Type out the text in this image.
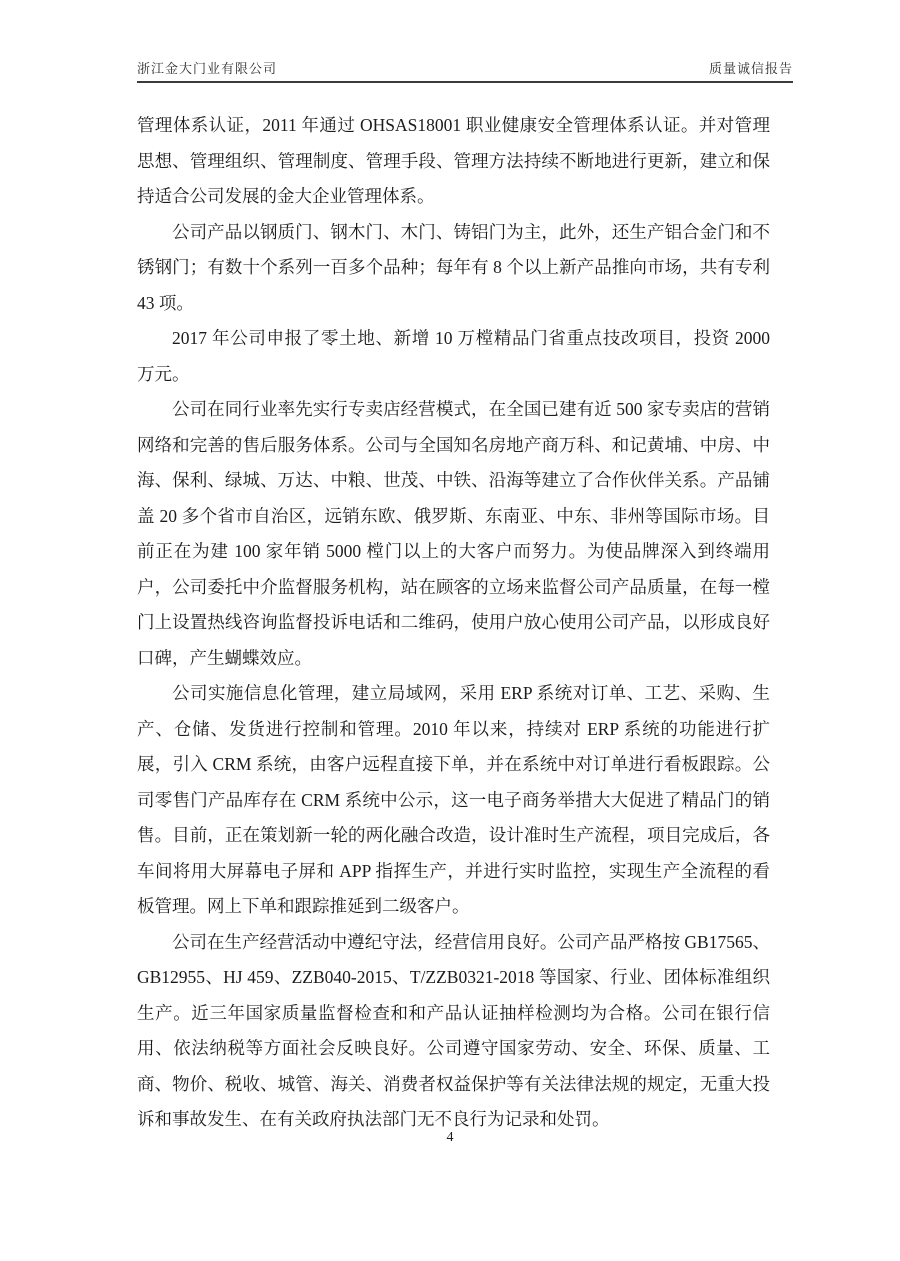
浙江金大门业有限公司	质量诚信报告

管理体系认证，2011 年通过 OHSAS18001 职业健康安全管理体系认证。并对管理思想、管理组织、管理制度、管理手段、管理方法持续不断地进行更新，建立和保持适合公司发展的金大企业管理体系。

公司产品以钢质门、钢木门、木门、铸铝门为主，此外，还生产铝合金门和不锈钢门；有数十个系列一百多个品种；每年有 8 个以上新产品推向市场，共有专利 43 项。

2017 年公司申报了零土地、新增 10 万樘精品门省重点技改项目，投资 2000 万元。

公司在同行业率先实行专卖店经营模式，在全国已建有近 500 家专卖店的营销网络和完善的售后服务体系。公司与全国知名房地产商万科、和记黄埔、中房、中海、保利、绿城、万达、中粮、世茂、中铁、沿海等建立了合作伙伴关系。产品铺盖 20 多个省市自治区，远销东欧、俄罗斯、东南亚、中东、非州等国际市场。目前正在为建 100 家年销 5000 樘门以上的大客户而努力。为使品牌深入到终端用户，公司委托中介监督服务机构，站在顾客的立场来监督公司产品质量，在每一樘门上设置热线咨询监督投诉电话和二维码，使用户放心使用公司产品，以形成良好口碑，产生蝴蝶效应。

公司实施信息化管理，建立局域网，采用 ERP 系统对订单、工艺、采购、生产、仓储、发货进行控制和管理。2010 年以来，持续对 ERP 系统的功能进行扩展，引入 CRM 系统，由客户远程直接下单，并在系统中对订单进行看板跟踪。公司零售门产品库存在 CRM 系统中公示，这一电子商务举措大大促进了精品门的销售。目前，正在策划新一轮的两化融合改造，设计准时生产流程，项目完成后，各车间将用大屏幕电子屏和 APP 指挥生产，并进行实时监控，实现生产全流程的看板管理。网上下单和跟踪推延到二级客户。

公司在生产经营活动中遵纪守法，经营信用良好。公司产品严格按 GB17565、GB12955、HJ 459、ZZB040-2015、T/ZZB0321-2018 等国家、行业、团体标准组织生产。近三年国家质量监督检查和和产品认证抽样检测均为合格。公司在银行信用、依法纳税等方面社会反映良好。公司遵守国家劳动、安全、环保、质量、工商、物价、税收、城管、海关、消费者权益保护等有关法律法规的规定，无重大投诉和事故发生、在有关政府执法部门无不良行为记录和处罚。

4
